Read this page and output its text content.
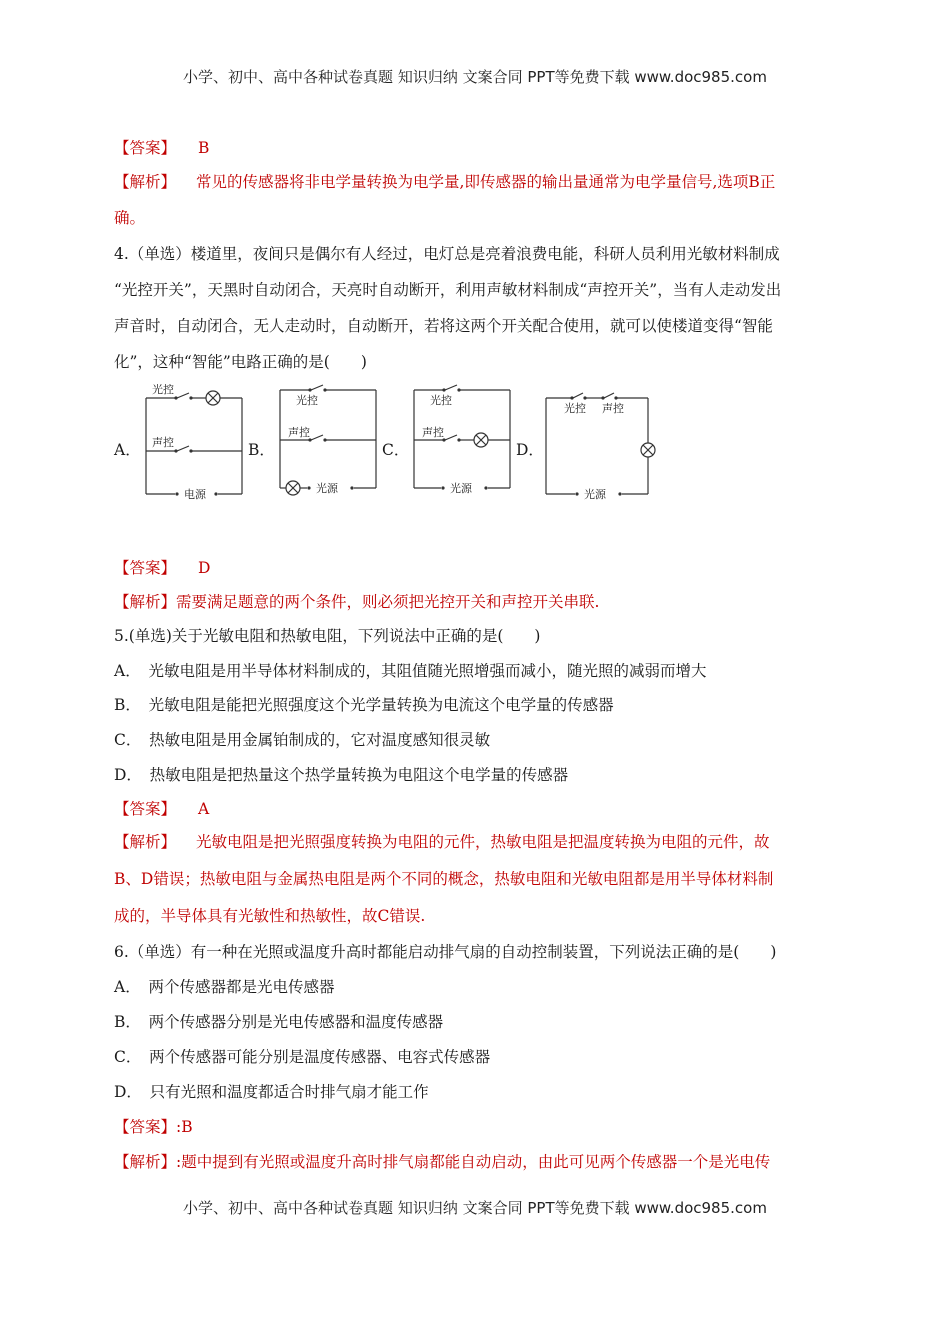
小学、初中、高中各种试卷真题 知识归纳 文案合同 PPT等免费下载 www.doc985.com
【答案】 B
【解析】 常见的传感器将非电学量转换为电学量,即传感器的输出量通常为电学量信号,选项B正
确。
4.（单选）楼道里，夜间只是偶尔有人经过，电灯总是亮着浪费电能，科研人员利用光敏材料制成
“光控开关”，天黑时自动闭合，天亮时自动断开，利用声敏材料制成“声控开关”，当有人走动发出
声音时，自动闭合，无人走动时，自动断开，若将这两个开关配合使用，就可以使楼道变得“智能
化”，这种“智能”电路正确的是(　　)
A．	B．	C．	D．
光控
声控
电源
光控
声控
光源
光控
声控
光源
光控 声控
光源
【答案】 D
【解析】需要满足题意的两个条件，则必须把光控开关和声控开关串联.
5.(单选)关于光敏电阻和热敏电阻，下列说法中正确的是(　　)
A．　光敏电阻是用半导体材料制成的，其阻值随光照增强而减小，随光照的减弱而增大
B．　光敏电阻是能把光照强度这个光学量转换为电流这个电学量的传感器
C．　热敏电阻是用金属铂制成的，它对温度感知很灵敏
D．　热敏电阻是把热量这个热学量转换为电阻这个电学量的传感器
【答案】 A
【解析】 光敏电阻是把光照强度转换为电阻的元件，热敏电阻是把温度转换为电阻的元件，故
B、D错误；热敏电阻与金属热电阻是两个不同的概念，热敏电阻和光敏电阻都是用半导体材料制
成的，半导体具有光敏性和热敏性，故C错误.
6.（单选）有一种在光照或温度升高时都能启动排气扇的自动控制装置，下列说法正确的是(　　)
A．　两个传感器都是光电传感器
B．　两个传感器分别是光电传感器和温度传感器
C．　两个传感器可能分别是温度传感器、电容式传感器
D．　只有光照和温度都适合时排气扇才能工作
【答案】:B
【解析】:题中提到有光照或温度升高时排气扇都能自动启动，由此可见两个传感器一个是光电传
小学、初中、高中各种试卷真题 知识归纳 文案合同 PPT等免费下载 www.doc985.com
